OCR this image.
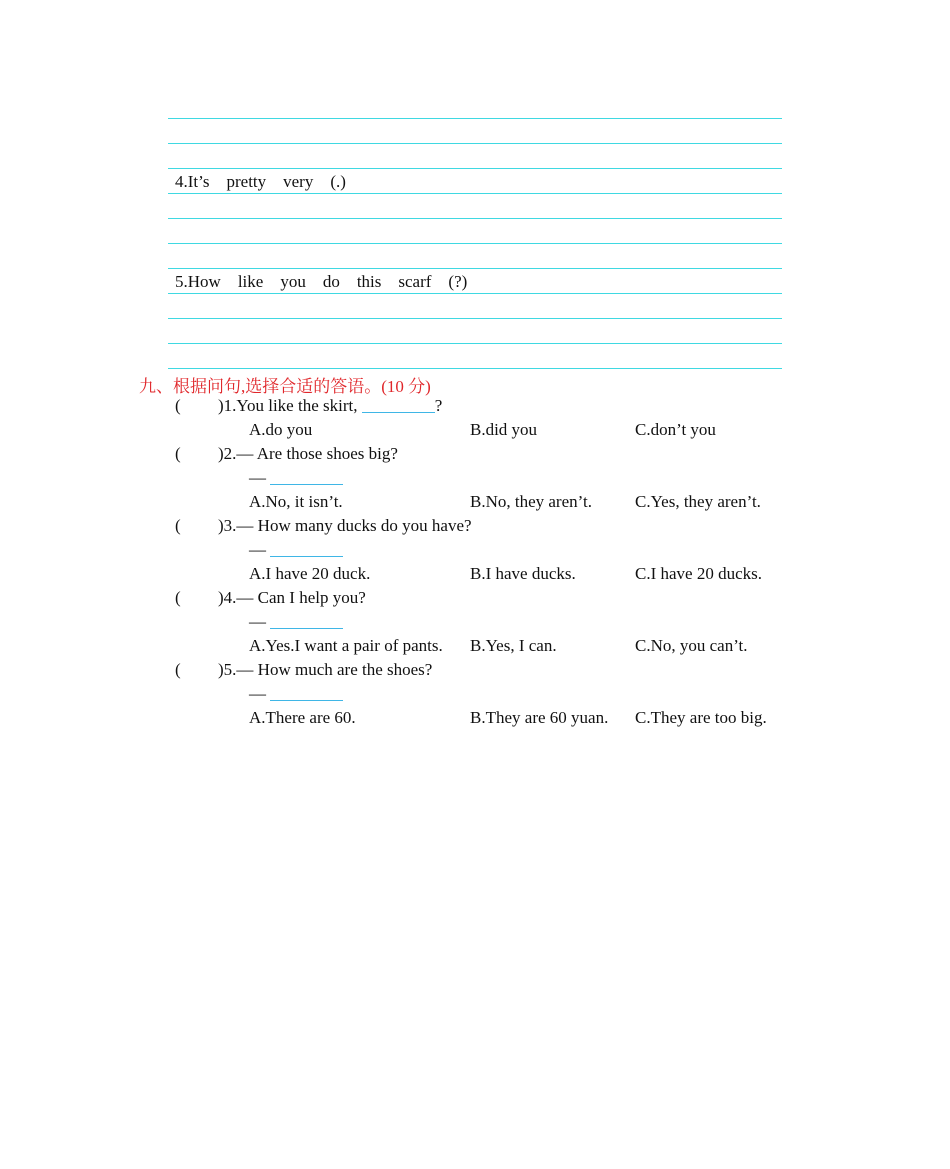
4.It’s pretty very (.)
5.How like you do this scarf (?)
九、根据问句,选择合适的答语。(10 分)
( )1.You like the skirt,	?
A.do you	B.did you	C.don’t you
( )2.— Are those shoes big?
—
A.No, it isn’t.	B.No, they aren’t.	C.Yes, they aren’t.
( )3.— How many ducks do you have?
—
A.I have 20 duck.	B.I have ducks.	C.I have 20 ducks.
( )4.— Can I help you?
—
A.Yes.I want a pair of pants. B.Yes, I can.	C.No, you can’t.
( )5.— How much are the shoes?
—
A.There are 60.	B.They are 60 yuan. C.They are too big.
